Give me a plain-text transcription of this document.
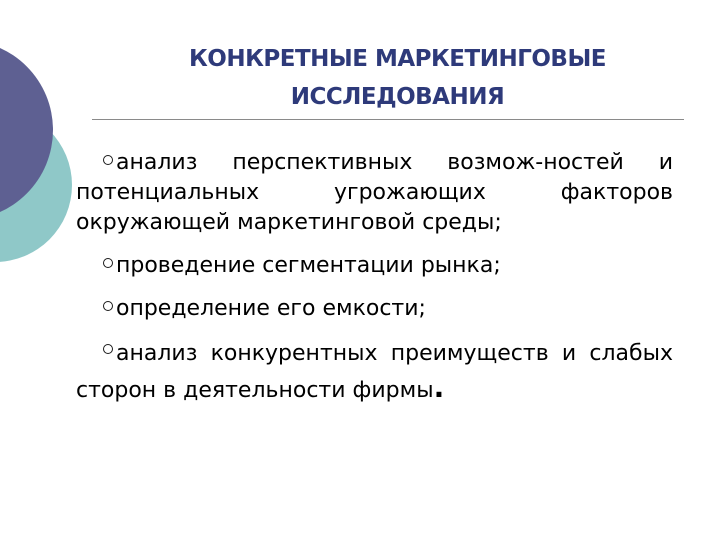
КОНКРЕТНЫЕ МАРКЕТИНГОВЫЕ
ИССЛЕДОВАНИЯ
анализ перспективных возмож-ностей и потенциальных угрожающих факторов окружающей маркетинговой среды;
проведение сегментации рынка;
определение его емкости;
анализ конкурентных преимуществ и слабых сторон в деятельности фирмы.
